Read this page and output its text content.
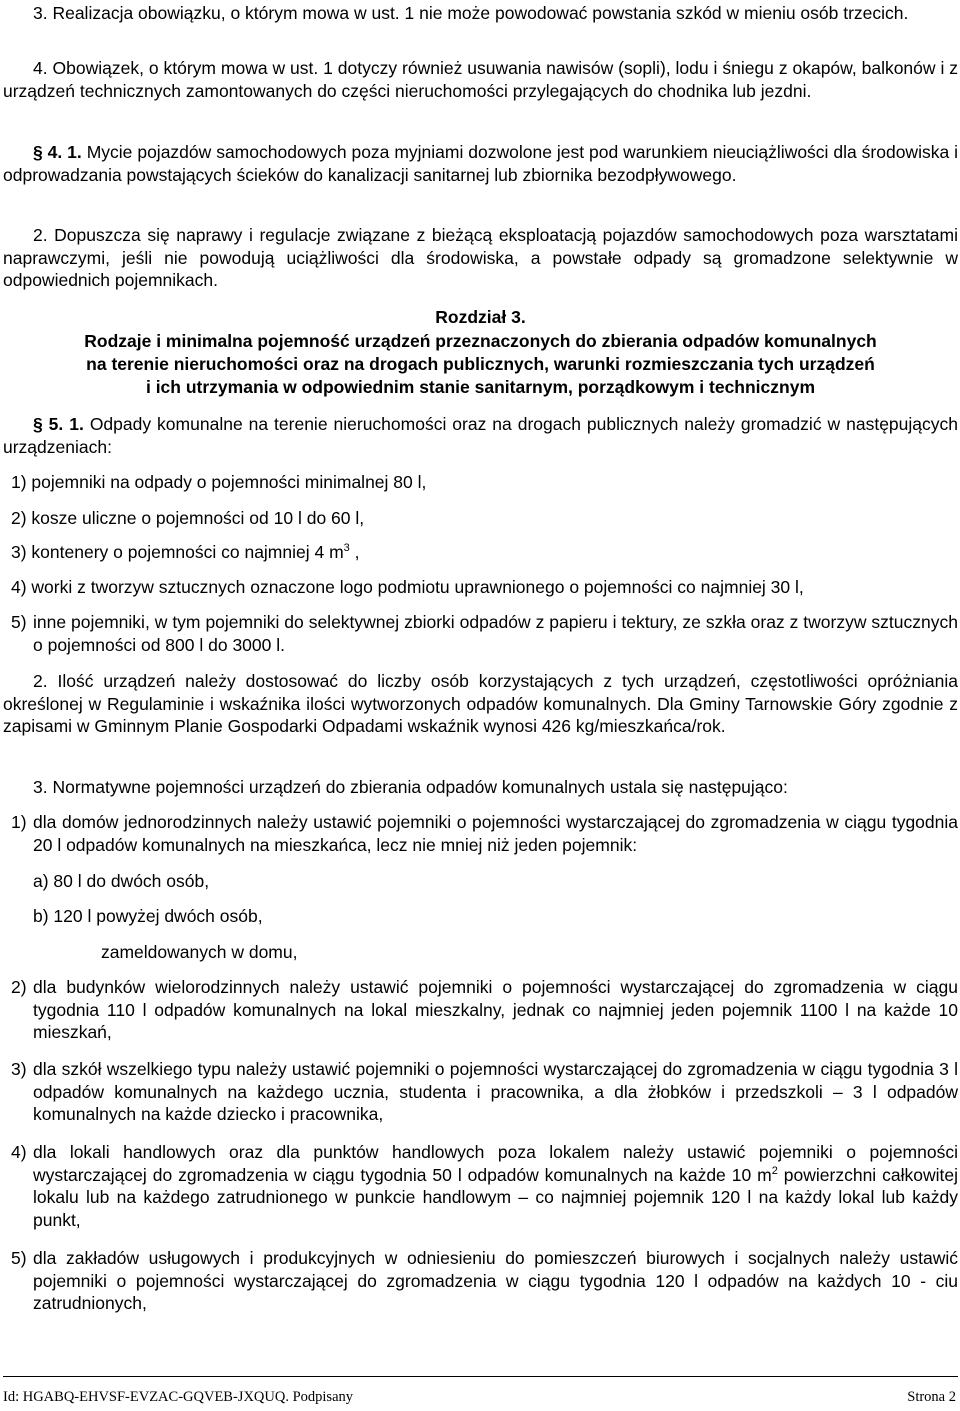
3. Realizacja obowiązku, o którym mowa w ust. 1 nie może powodować powstania szkód w mieniu osób trzecich.

4. Obowiązek, o którym mowa w ust. 1 dotyczy również usuwania nawisów (sopli), lodu i śniegu z okapów, balkonów i z urządzeń technicznych zamontowanych do części nieruchomości przylegających do chodnika lub jezdni.

§ 4. 1. Mycie pojazdów samochodowych poza myjniami dozwolone jest pod warunkiem nieuciążliwości dla środowiska i odprowadzania powstających ścieków do kanalizacji sanitarnej lub zbiornika bezodpływowego.

2. Dopuszcza się naprawy i regulacje związane z bieżącą eksploatacją pojazdów samochodowych poza warsztatami naprawczymi, jeśli nie powodują uciążliwości dla środowiska, a powstałe odpady są gromadzone selektywnie w odpowiednich pojemnikach.

Rozdział 3.

Rodzaje i minimalna pojemność urządzeń przeznaczonych do zbierania odpadów komunalnych

na terenie nieruchomości oraz na drogach publicznych, warunki rozmieszczania tych urządzeń

i ich utrzymania w odpowiednim stanie sanitarnym, porządkowym i technicznym

§ 5. 1. Odpady komunalne na terenie nieruchomości oraz na drogach publicznych należy gromadzić w następujących urządzeniach:

1) pojemniki na odpady o pojemności minimalnej 80 l,

2) kosze uliczne o pojemności od 10 l do 60 l,

3) kontenery o pojemności co najmniej 4 $m^3$ ,

4) worki z tworzyw sztucznych oznaczone logo podmiotu uprawnionego o pojemności co najmniej 30 l,

5) inne pojemniki, w tym pojemniki do selektywnej zbiorki odpadów z papieru i tektury, ze szkła oraz z tworzyw sztucznych o pojemności od 800 l do 3000 l.

2. Ilość urządzeń należy dostosować do liczby osób korzystających z tych urządzeń, częstotliwości opróżniania określonej w Regulaminie i wskaźnika ilości wytworzonych odpadów komunalnych. Dla Gminy Tarnowskie Góry zgodnie z zapisami w Gminnym Planie Gospodarki Odpadami wskaźnik wynosi 426 kg/mieszkańca/rok.

3. Normatywne pojemności urządzeń do zbierania odpadów komunalnych ustala się następująco:

1) dla domów jednorodzinnych należy ustawić pojemniki o pojemności wystarczającej do zgromadzenia w ciągu tygodnia 20 l odpadów komunalnych na mieszkańca, lecz nie mniej niż jeden pojemnik:

a) 80 l do dwóch osób,

b) 120 l powyżej dwóch osób,

zameldowanych w domu,

2) dla budynków wielorodzinnych należy ustawić pojemniki o pojemności wystarczającej do zgromadzenia w ciągu tygodnia 110 l odpadów komunalnych na lokal mieszkalny, jednak co najmniej jeden pojemnik 1100 l na każde 10 mieszkań,
3) dla szkół wszelkiego typu należy ustawić pojemniki o pojemności wystarczającej do zgromadzenia w ciągu tygodnia 3 l odpadów komunalnych na każdego ucznia, studenta i pracownika, a dla żłobków i przedszkoli – 3 l odpadów komunalnych na każde dziecko i pracownika,
4) dla lokali handlowych oraz dla punktów handlowych poza lokalem należy ustawić pojemniki o pojemności wystarczającej do zgromadzenia w ciągu tygodnia 50 l odpadów komunalnych na każde 10 $m^2$ powierzchni całkowitej lokalu lub na każdego zatrudnionego w punkcie handlowym – co najmniej pojemnik 120 l na każdy lokal lub każdy punkt,
5) dla zakładów usługowych i produkcyjnych w odniesieniu do pomieszczeń biurowych i socjalnych należy ustawić pojemniki o pojemności wystarczającej do zgromadzenia w ciągu tygodnia 120 l odpadów na każdych 10 - ciu zatrudnionych,
Id: HGABQ-EHVSF-EVZAC-GQVEB-JXQUQ. Podpisany	Strona 2
